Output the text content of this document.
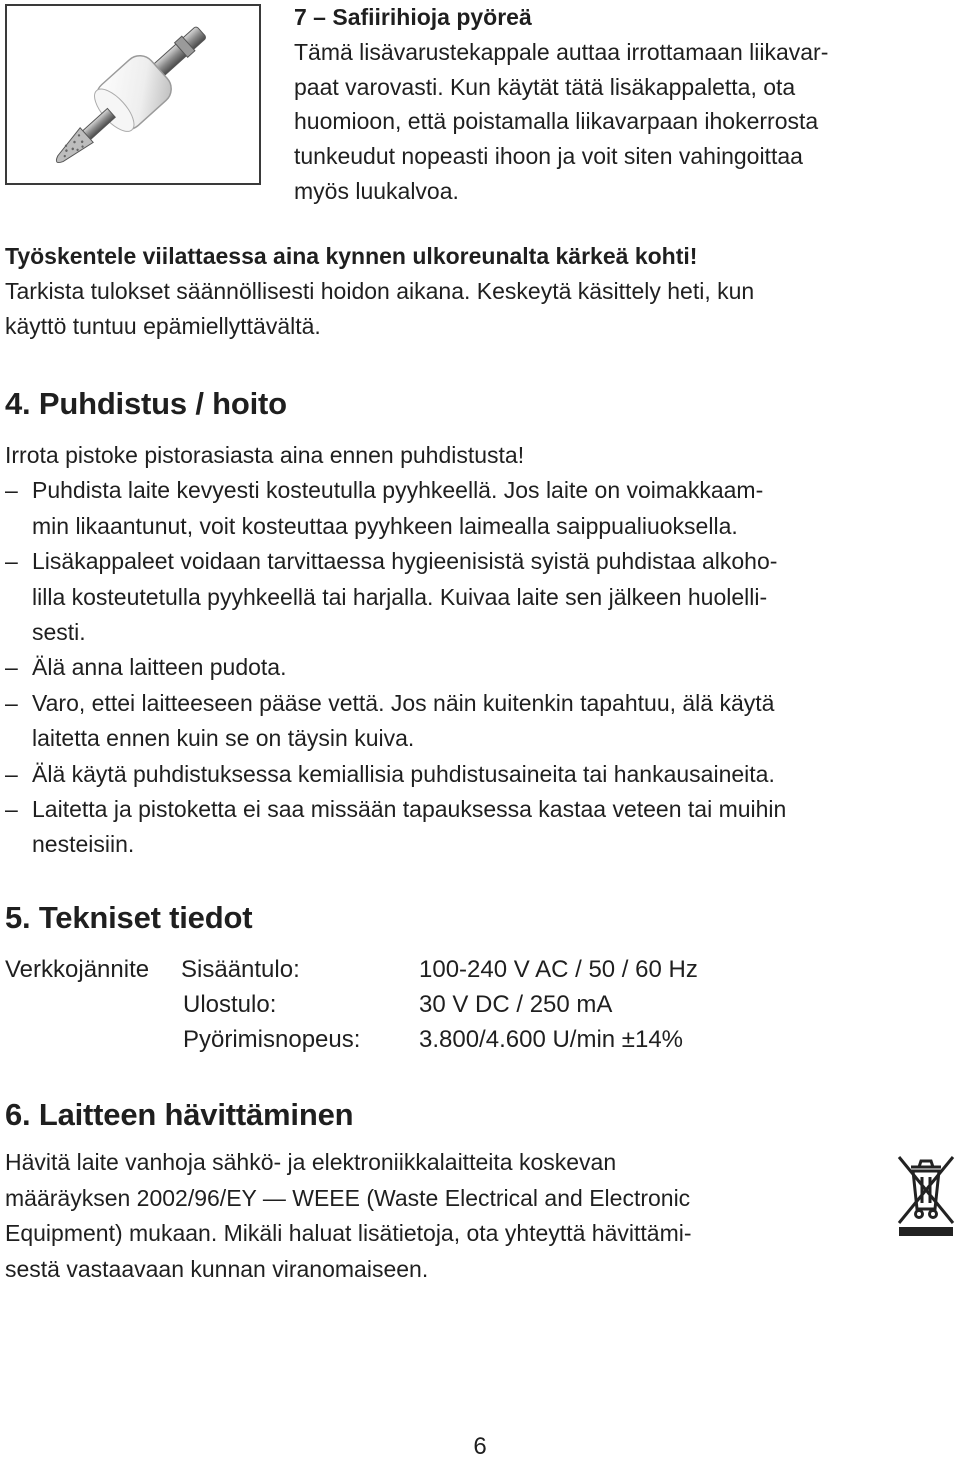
7 – Safiirihioja pyöreä
Tämä lisävarustekappale auttaa irrottamaan liikavar-
paat varovasti. Kun käytät tätä lisäkappaletta, ota
huomioon, että poistamalla liikavarpaan ihokerrosta
tunkeudut nopeasti ihoon ja voit siten vahingoittaa
myös luukalvoa.
Työskentele viilattaessa aina kynnen ulkoreunalta kärkeä kohti!
Tarkista tulokset säännöllisesti hoidon aikana. Keskeytä käsittely heti, kun
käyttö tuntuu epämiellyttävältä.
4. Puhdistus / hoito
Irrota pistoke pistorasiasta aina ennen puhdistusta!
– Puhdista laite kevyesti kosteutulla pyyhkeellä. Jos laite on voimakkaam-
min likaantunut, voit kosteuttaa pyyhkeen laimealla saippualiuoksella.
– Lisäkappaleet voidaan tarvittaessa hygieenisistä syistä puhdistaa alkoho-
lilla kosteutetulla pyyhkeellä tai harjalla. Kuivaa laite sen jälkeen huolelli-
sesti.
– Älä anna laitteen pudota.
– Varo, ettei laitteeseen pääse vettä. Jos näin kuitenkin tapahtuu, älä käytä
laitetta ennen kuin se on täysin kuiva.
– Älä käytä puhdistuksessa kemiallisia puhdistusaineita tai hankausaineita.
– Laitetta ja pistoketta ei saa missään tapauksessa kastaa veteen tai muihin
nesteisiin.
5. Tekniset tiedot
Verkkojännite Sisääntulo:	100-240 V AC / 50 / 60 Hz
Ulostulo:	30 V DC / 250 mA
Pyörimisnopeus: 3.800/4.600 U/min ±14%
6. Laitteen hävittäminen
Hävitä laite vanhoja sähkö- ja elektroniikkalaitteita koskevan
määräyksen 2002/96/EY — WEEE (Waste Electrical and Electronic
Equipment) mukaan. Mikäli haluat lisätietoja, ota yhteyttä hävittämi-
sestä vastaavaan kunnan viranomaiseen.
6
